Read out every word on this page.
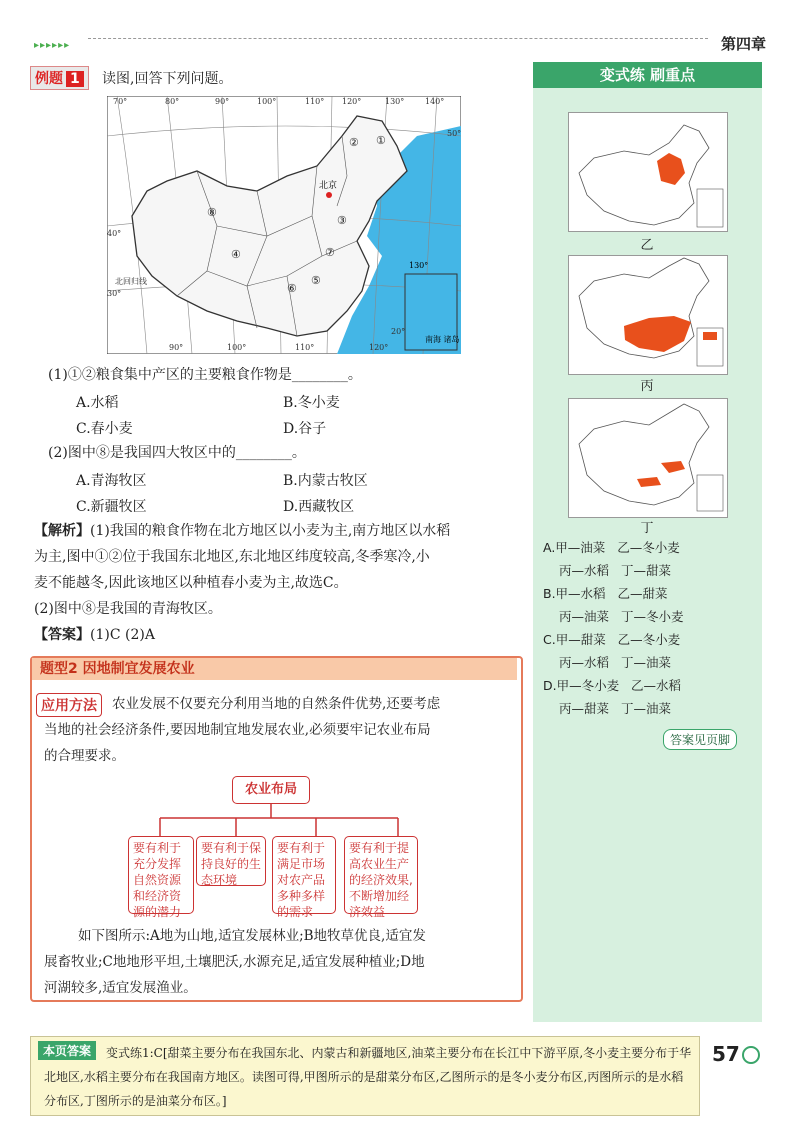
▸▸▸▸▸▸	第四章
例题 1	读图,回答下列问题。
北京
北回归线
130°
南海 诸岛
70°	80°	90°	100°	110° 120°	130°	140°
90°	100°	110°	120°
50°
40°
30°
20°
①
②
③
④
⑤
⑥
⑦
⑧
(1)①②粮食集中产区的主要粮食作物是________。
A.水稻	B.冬小麦
C.春小麦	D.谷子
(2)图中⑧是我国四大牧区中的________。
A.青海牧区	B.内蒙古牧区
C.新疆牧区	D.西藏牧区
【解析】(1)我国的粮食作物在北方地区以小麦为主,南方地区以水稻
为主,图中①②位于我国东北地区,东北地区纬度较高,冬季寒冷,小
麦不能越冬,因此该地区以种植春小麦为主,故选C。
(2)图中⑧是我国的青海牧区。
【答案】(1)C (2)A
题型2 因地制宜发展农业
应用方法	农业发展不仅要充分利用当地的自然条件优势,还要考虑
当地的社会经济条件,要因地制宜地发展农业,必须要牢记农业布局
的合理要求。
农业布局
要有利于充分发挥自然资源和经济资源的潜力
要有利于保持良好的生态环境
要有利于满足市场对农产品多种多样的需求
要有利于提高农业生产的经济效果,不断增加经济效益
如下图所示:A地为山地,适宜发展林业;B地牧草优良,适宜发
展畜牧业;C地地形平坦,土壤肥沃,水源充足,适宜发展种植业;D地
河湖较多,适宜发展渔业。
变式练 刷重点
乙
丙
丁
A.甲—油菜 乙—冬小麦
丙—水稻 丁—甜菜
B.甲—水稻 乙—甜菜
丙—油菜 丁—冬小麦
C.甲—甜菜 乙—冬小麦
丙—水稻 丁—油菜
D.甲—冬小麦 乙—水稻
丙—甜菜 丁—油菜
答案见页脚
变式练1:C[甜菜主要分布在我国东北、内蒙古和新疆地区,油菜主要分布在长江中下游平原,冬小麦主要分布于华北地区,水稻主要分布在我国南方地区。读图可得,甲图所示的是甜菜分布区,乙图所示的是冬小麦分布区,丙图所示的是水稻分布区,丁图所示的是油菜分布区。]
本页答案	57
